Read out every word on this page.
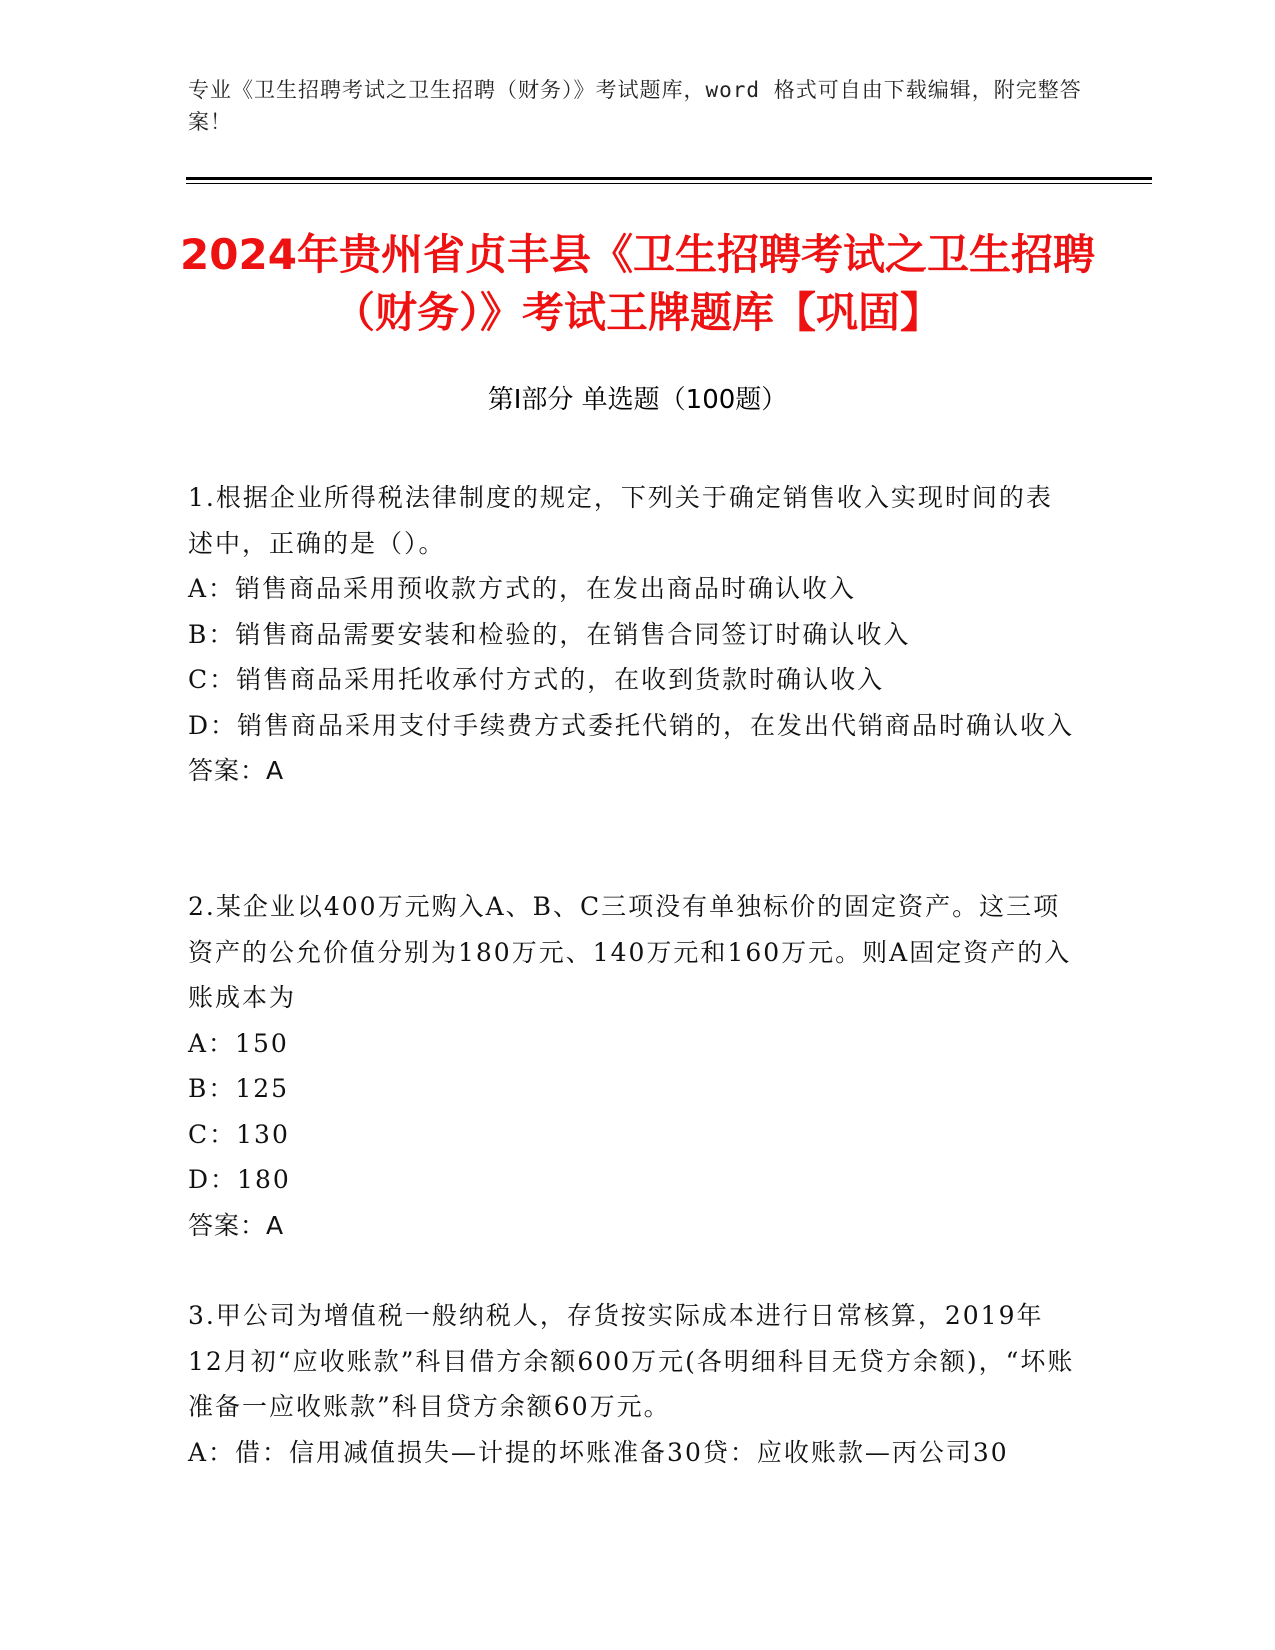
专业《卫生招聘考试之卫生招聘（财务）》考试题库，word 格式可自由下载编辑，附完整答案！
2024年贵州省贞丰县《卫生招聘考试之卫生招聘（财务）》考试王牌题库【巩固】
第I部分 单选题（100题）

1.根据企业所得税法律制度的规定，下列关于确定销售收入实现时间的表述中，正确的是（）。

A：销售商品采用预收款方式的，在发出商品时确认收入

B：销售商品需要安装和检验的，在销售合同签订时确认收入

C：销售商品采用托收承付方式的，在收到货款时确认收入

D：销售商品采用支付手续费方式委托代销的，在发出代销商品时确认收入

答案：A

2.某企业以400万元购入A、B、C三项没有单独标价的固定资产。这三项资产的公允价值分别为180万元、140万元和160万元。则A固定资产的入账成本为

A：150

B：125

C：130

D：180

答案：A

3.甲公司为增值税一般纳税人，存货按实际成本进行日常核算，2019年12月初“应收账款”科目借方余额600万元(各明细科目无贷方余额)，“坏账准备一应收账款”科目贷方余额60万元。

A：借：信用减值损失—计提的坏账准备30贷：应收账款—丙公司30
